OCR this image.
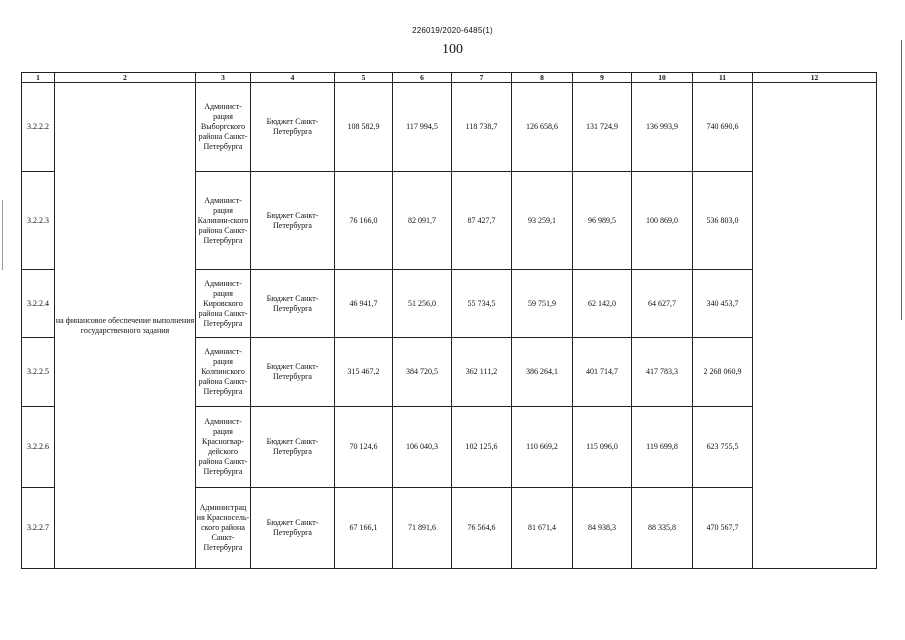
226019/2020-6485(1)
100
1	2	3	4	5	6	7	8	9	10	11	12
3.2.2.2	на финансовое обеспечение выполнения государственного задания	Админист-рация Выборгского района Санкт-Петербурга	Бюджет Санкт-Петербурга	108 582,9	117 994,5	118 738,7	126 658,6	131 724,9	136 993,9	740 690,6	
3.2.2.3		Админист-рация Калинин-ского района Санкт-Петербурга	Бюджет Санкт-Петербурга	76 166,0	82 091,7	87 427,7	93 259,1	96 989,5	100 869,0	536 803,0	
3.2.2.4		Админист-рация Кировского района Санкт-Петербурга	Бюджет Санкт-Петербурга	46 941,7	51 256,0	55 734,5	59 751,9	62 142,0	64 627,7	340 453,7	
3.2.2.5		Админист-рация Колпинского района Санкт-Петербурга	Бюджет Санкт-Петербурга	315 467,2	384 720,5	362 111,2	386 264,1	401 714,7	417 783,3	2 268 060,9	
3.2.2.6		Админист-рация Красногвар-дейского района Санкт-Петербурга	Бюджет Санкт-Петербурга	70 124,6	106 040,3	102 125,6	110 669,2	115 096,0	119 699,8	623 755,5	
3.2.2.7		Администрац ия Красносель-ского района Санкт-Петербурга	Бюджет Санкт-Петербурга	67 166,1	71 891,6	76 564,6	81 671,4	84 938,3	88 335,8	470 567,7	
